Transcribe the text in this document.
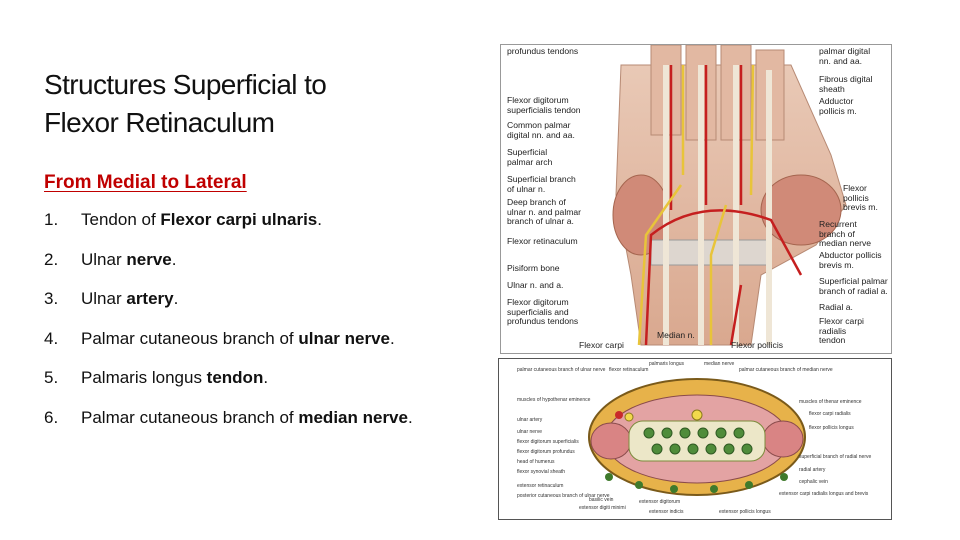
Structures Superficial to
Flexor Retinaculum
From Medial to Lateral
1. Tendon of Flexor carpi ulnaris.
2. Ulnar nerve.
3. Ulnar artery.
4. Palmar cutaneous branch of ulnar nerve.
5. Palmaris longus tendon.
6. Palmar cutaneous branch of median nerve.
profundus tendons
Flexor digitorum
superficialis tendon
Common palmar
digital nn. and aa.
Superficial
palmar arch
Superficial branch
of ulnar n.
Deep branch of
ulnar n. and palmar
branch of ulnar a.
Flexor retinaculum
Pisiform bone
Ulnar n. and a.
Flexor digitorum
superficialis and
profundus tendons
palmar digital
nn. and aa.
Fibrous digital
sheath
Adductor
pollicis m.
Flexor
pollicis
brevis m.
Recurrent
branch of
median nerve
Abductor pollicis
brevis m.
Superficial palmar
branch of radial a.
Radial a.
Flexor carpi radialis
tendon
Median n.
Flexor carpi	Flexor pollicis
palmaris longus
flexor retinaculum
median nerve
palmar cutaneous branch of ulnar nerve	palmar cutaneous branch of median nerve
muscles of hypothenar eminence	muscles of thenar eminence
ulnar artery
ulnar nerve
flexor carpi radialis
flexor digitorum superficialis
flexor digitorum profundus
flexor pollicis longus
head of humerus
flexor synovial sheath
superficial branch of radial nerve
extensor retinaculum
posterior cutaneous branch of ulnar nerve
radial artery
cephalic vein
extensor carpi radialis longus and brevis
basilic vein
extensor digiti minimi
extensor digitorum
extensor indicis	extensor pollicis longus
